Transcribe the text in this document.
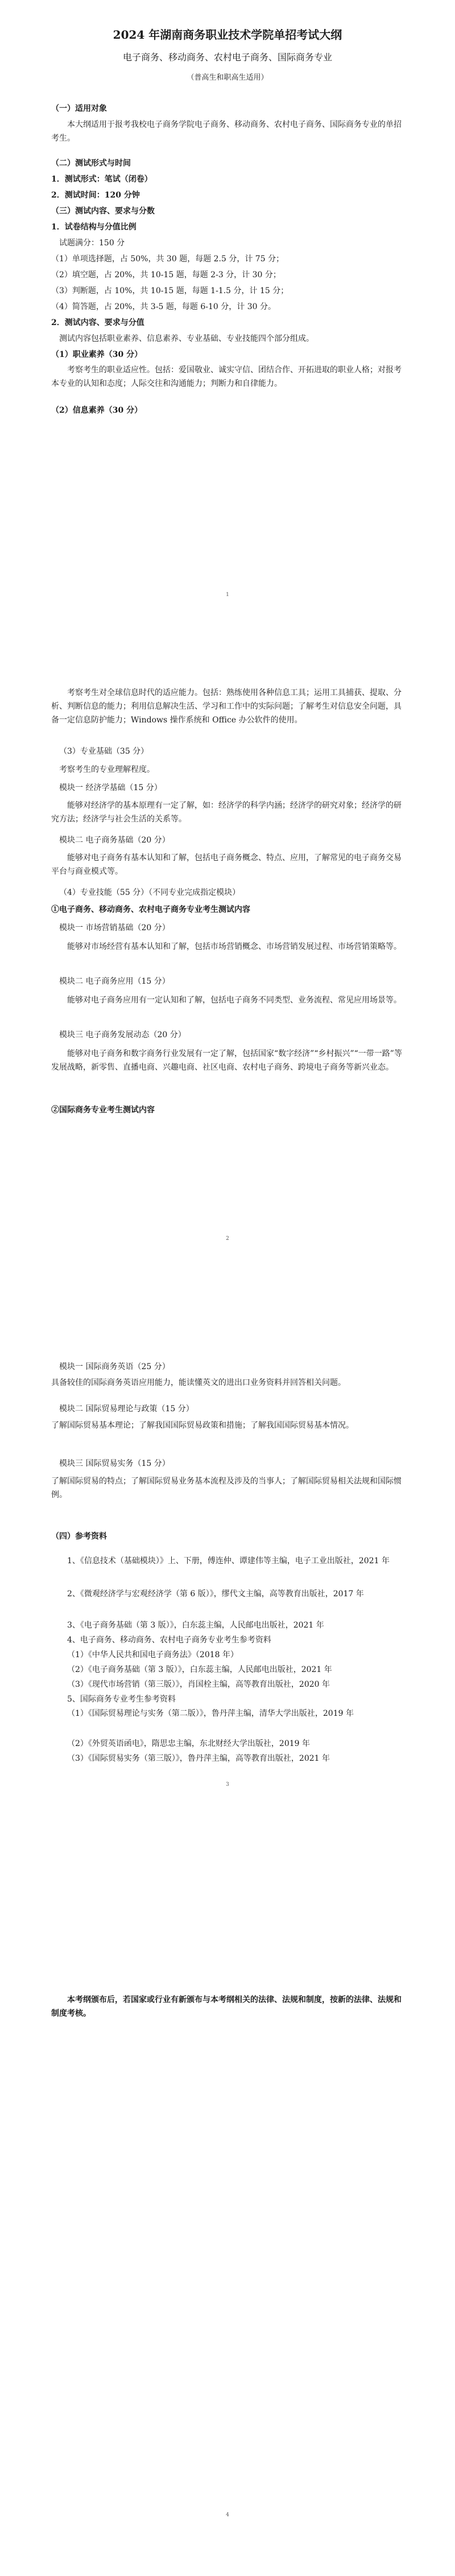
2024 年湖南商务职业技术学院单招考试大纲
电子商务、移动商务、农村电子商务、国际商务专业
（普高生和职高生适用）
（一）适用对象
本大纲适用于报考我校电子商务学院电子商务、移动商务、农村电子商务、国际商务专业的单招考生。
（二）测试形式与时间
1．测试形式：笔试（闭卷）
2．测试时间：120 分钟
（三）测试内容、要求与分数
1．试卷结构与分值比例
试题满分：150 分
（1）单项选择题，占 50%，共 30 题，每题 2.5 分，计 75 分；
（2）填空题，占 20%，共 10-15 题，每题 2-3 分，计 30 分；
（3）判断题，占 10%，共 10-15 题，每题 1-1.5 分，计 15 分；
（4）简答题，占 20%，共 3-5 题，每题 6-10 分，计 30 分。
2．测试内容、要求与分值
测试内容包括职业素养、信息素养、专业基础、专业技能四个部分组成。
（1）职业素养（30 分）
考察考生的职业适应性。包括：爱国敬业、诚实守信、团结合作、开拓进取的职业人格；对报考本专业的认知和态度；人际交往和沟通能力；判断力和自律能力。
（2）信息素养（30 分）
1
考察考生对全球信息时代的适应能力。包括：熟练使用各种信息工具；运用工具捕获、提取、分析、判断信息的能力；利用信息解决生活、学习和工作中的实际问题；了解考生对信息安全问题，具备一定信息防护能力；Windows 操作系统和 Office 办公软件的使用。
（3）专业基础（35 分）
考察考生的专业理解程度。
模块一 经济学基础（15 分）
能够对经济学的基本原理有一定了解，如：经济学的科学内涵；经济学的研究对象；经济学的研究方法；经济学与社会生活的关系等。
模块二 电子商务基础（20 分）
能够对电子商务有基本认知和了解，包括电子商务概念、特点、应用，了解常见的电子商务交易平台与商业模式等。
（4）专业技能（55 分）（不同专业完成指定模块）
①电子商务、移动商务、农村电子商务专业考生测试内容
模块一 市场营销基础（20 分）
能够对市场经营有基本认知和了解，包括市场营销概念、市场营销发展过程、市场营销策略等。
模块二 电子商务应用（15 分）
能够对电子商务应用有一定认知和了解，包括电子商务不同类型、业务流程、常见应用场景等。
模块三 电子商务发展动态（20 分）
能够对电子商务和数字商务行业发展有一定了解，包括国家“数字经济”“乡村振兴”“一带一路”等发展战略，新零售、直播电商、兴趣电商、社区电商、农村电子商务、跨境电子商务等新兴业态。
②国际商务专业考生测试内容
2
模块一 国际商务英语（25 分）
具备较佳的国际商务英语应用能力，能读懂英文的进出口业务资料并回答相关问题。
模块二 国际贸易理论与政策（15 分）
了解国际贸易基本理论；了解我国国际贸易政策和措施；了解我国国际贸易基本情况。
模块三 国际贸易实务（15 分）
了解国际贸易的特点；了解国际贸易业务基本流程及涉及的当事人；了解国际贸易相关法规和国际惯例。
（四）参考资料
1、《信息技术（基础模块）》上、下册，傅连仲、谭建伟等主编，电子工业出版社，2021 年
2、《微观经济学与宏观经济学（第 6 版）》，缪代文主编，高等教育出版社，2017 年
3、《电子商务基础（第 3 版）》，白东蕊主编，人民邮电出版社，2021 年
4、电子商务、移动商务、农村电子商务专业考生参考资料
（1）《中华人民共和国电子商务法》（2018 年）
（2）《电子商务基础（第 3 版）》，白东蕊主编，人民邮电出版社，2021 年
（3）《现代市场营销（第三版）》，肖国栓主编，高等教育出版社，2020 年
5、国际商务专业考生参考资料
（1）《国际贸易理论与实务（第二版）》，鲁丹萍主编，清华大学出版社，2019 年
（2）《外贸英语函电》，隋思忠主编，东北财经大学出版社，2019 年
（3）《国际贸易实务（第三版）》，鲁丹萍主编，高等教育出版社，2021 年
3
本考纲颁布后，若国家或行业有新颁布与本考纲相关的法律、法规和制度，按新的法律、法规和制度考核。
4
